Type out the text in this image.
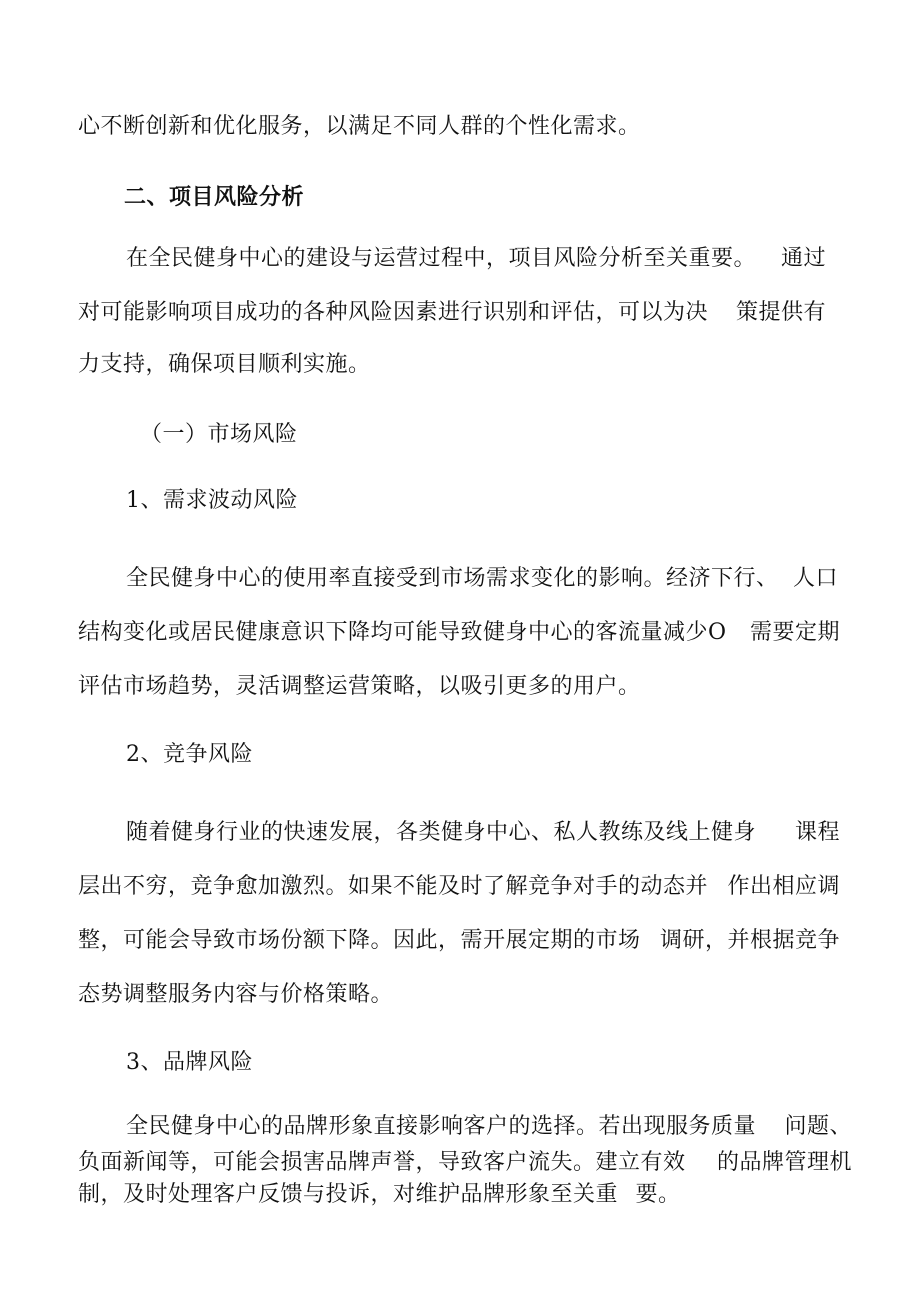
心不断创新和优化服务，以满足不同人群的个性化需求。
二、项目风险分析
在全民健身中心的建设与运营过程中，项目风险分析至关重要。 通过
对可能影响项目成功的各种风险因素进行识别和评估，可以为决 策提供有
力支持，确保项目顺利实施。
（一）市场风险
1、需求波动风险
全民健身中心的使用率直接受到市场需求变化的影响。经济下行、 人口
结构变化或居民健康意识下降均可能导致健身中心的客流量减少O 需要定期
评估市场趋势，灵活调整运营策略，以吸引更多的用户。
2、竞争风险
随着健身行业的快速发展，各类健身中心、私人教练及线上健身 课程
层出不穷，竞争愈加激烈。如果不能及时了解竞争对手的动态并 作出相应调
整，可能会导致市场份额下降。因此，需开展定期的市场 调研，并根据竞争
态势调整服务内容与价格策略。
3、品牌风险
全民健身中心的品牌形象直接影响客户的选择。若出现服务质量 问题、
负面新闻等，可能会损害品牌声誉，导致客户流失。建立有效 的品牌管理机
制，及时处理客户反馈与投诉，对维护品牌形象至关重 要。
